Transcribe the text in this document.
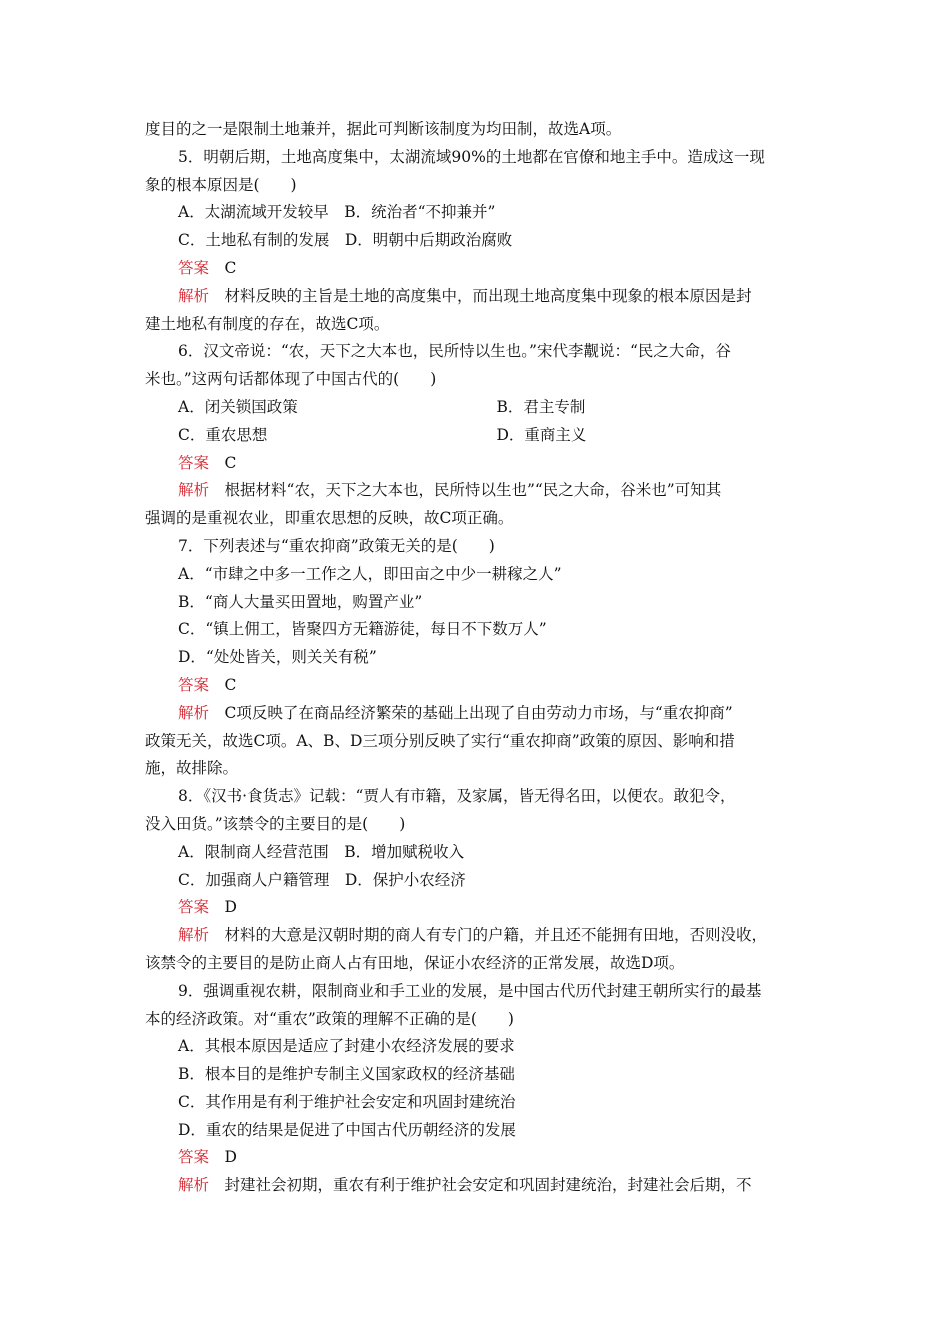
度目的之一是限制土地兼并，据此可判断该制度为均田制，故选A项。
5．明朝后期，土地高度集中，太湖流域90%的土地都在官僚和地主手中。造成这一现
象的根本原因是(　　)
A．太湖流域开发较早　B．统治者“不抑兼并”
C．土地私有制的发展　D．明朝中后期政治腐败
答案　C
解析　材料反映的主旨是土地的高度集中，而出现土地高度集中现象的根本原因是封
建土地私有制度的存在，故选C项。
6．汉文帝说：“农，天下之大本也，民所恃以生也。”宋代李觏说：“民之大命，谷
米也。”这两句话都体现了中国古代的(　　)
A．闭关锁国政策	B．君主专制
C．重农思想	D．重商主义
答案　C
解析　根据材料“农，天下之大本也，民所恃以生也”“民之大命，谷米也”可知其
强调的是重视农业，即重农思想的反映，故C项正确。
7．下列表述与“重农抑商”政策无关的是(　　)
A．“市肆之中多一工作之人，即田亩之中少一耕稼之人”
B．“商人大量买田置地，购置产业”
C．“镇上佣工，皆聚四方无籍游徒，每日不下数万人”
D．“处处皆关，则关关有税”
答案　C
解析　C项反映了在商品经济繁荣的基础上出现了自由劳动力市场，与“重农抑商”
政策无关，故选C项。A、B、D三项分别反映了实行“重农抑商”政策的原因、影响和措
施，故排除。
8．《汉书·食货志》记载：“贾人有市籍，及家属，皆无得名田，以便农。敢犯令，
没入田货。”该禁令的主要目的是(　　)
A．限制商人经营范围　B．增加赋税收入
C．加强商人户籍管理　D．保护小农经济
答案　D
解析　材料的大意是汉朝时期的商人有专门的户籍，并且还不能拥有田地，否则没收，
该禁令的主要目的是防止商人占有田地，保证小农经济的正常发展，故选D项。
9．强调重视农耕，限制商业和手工业的发展，是中国古代历代封建王朝所实行的最基
本的经济政策。对“重农”政策的理解不正确的是(　　)
A．其根本原因是适应了封建小农经济发展的要求
B．根本目的是维护专制主义国家政权的经济基础
C．其作用是有利于维护社会安定和巩固封建统治
D．重农的结果是促进了中国古代历朝经济的发展
答案　D
解析　封建社会初期，重农有利于维护社会安定和巩固封建统治，封建社会后期，不
